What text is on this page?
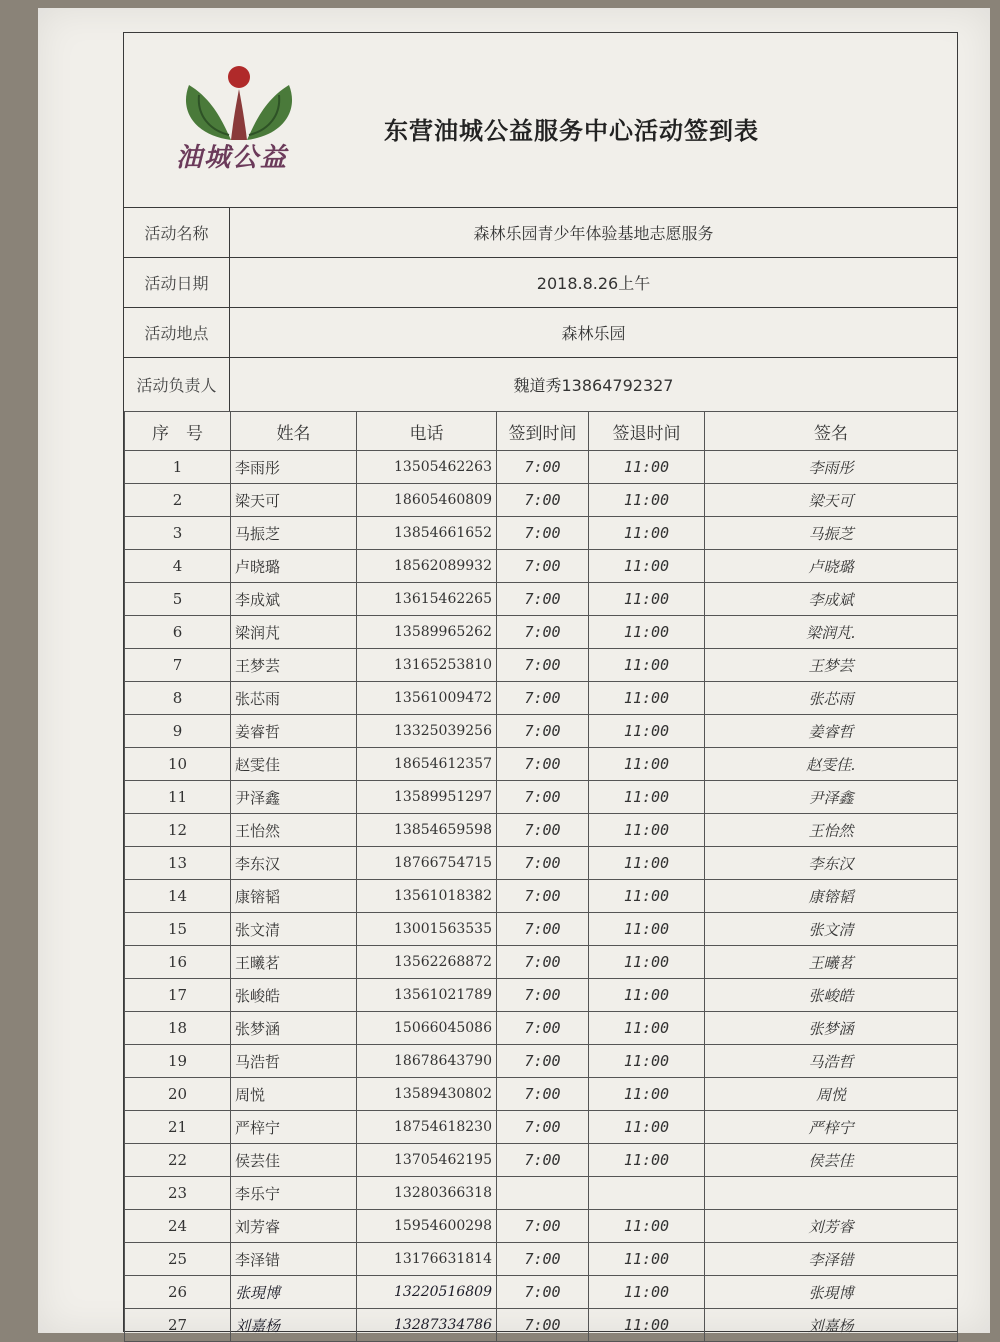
油城公益
东营油城公益服务中心活动签到表
活动名称	森林乐园青少年体验基地志愿服务
活动日期	2018.8.26上午
活动地点	森林乐园
活动负责人	魏道秀13864792327
序　号	姓名	电话	签到时间	签退时间	签名
1	李雨彤	13505462263	7:00	11:00	李雨彤
2	梁天可	18605460809	7:00	11:00	梁天可
3	马振芝	13854661652	7:00	11:00	马振芝
4	卢晓璐	18562089932	7:00	11:00	卢晓璐
5	李成斌	13615462265	7:00	11:00	李成斌
6	梁润芃	13589965262	7:00	11:00	梁润芃.
7	王梦芸	13165253810	7:00	11:00	王梦芸
8	张芯雨	13561009472	7:00	11:00	张芯雨
9	姜睿哲	13325039256	7:00	11:00	姜睿哲
10	赵雯佳	18654612357	7:00	11:00	赵雯佳.
11	尹泽鑫	13589951297	7:00	11:00	尹泽鑫
12	王怡然	13854659598	7:00	11:00	王怡然
13	李东汉	18766754715	7:00	11:00	李东汉
14	康镕韬	13561018382	7:00	11:00	康镕韬
15	张文清	13001563535	7:00	11:00	张文清
16	王曦茗	13562268872	7:00	11:00	王曦茗
17	张峻皓	13561021789	7:00	11:00	张峻皓
18	张梦涵	15066045086	7:00	11:00	张梦涵
19	马浩哲	18678643790	7:00	11:00	马浩哲
20	周悦	13589430802	7:00	11:00	周悦
21	严梓宁	18754618230	7:00	11:00	严梓宁
22	侯芸佳	13705462195	7:00	11:00	侯芸佳
23	李乐宁	13280366318			
24	刘芳睿	15954600298	7:00	11:00	刘芳睿
25	李泽错	13176631814	7:00	11:00	李泽错
26	张現博	13220516809	7:00	11:00	张現博
27	刘嘉杨	13287334786	7:00	11:00	刘嘉杨
